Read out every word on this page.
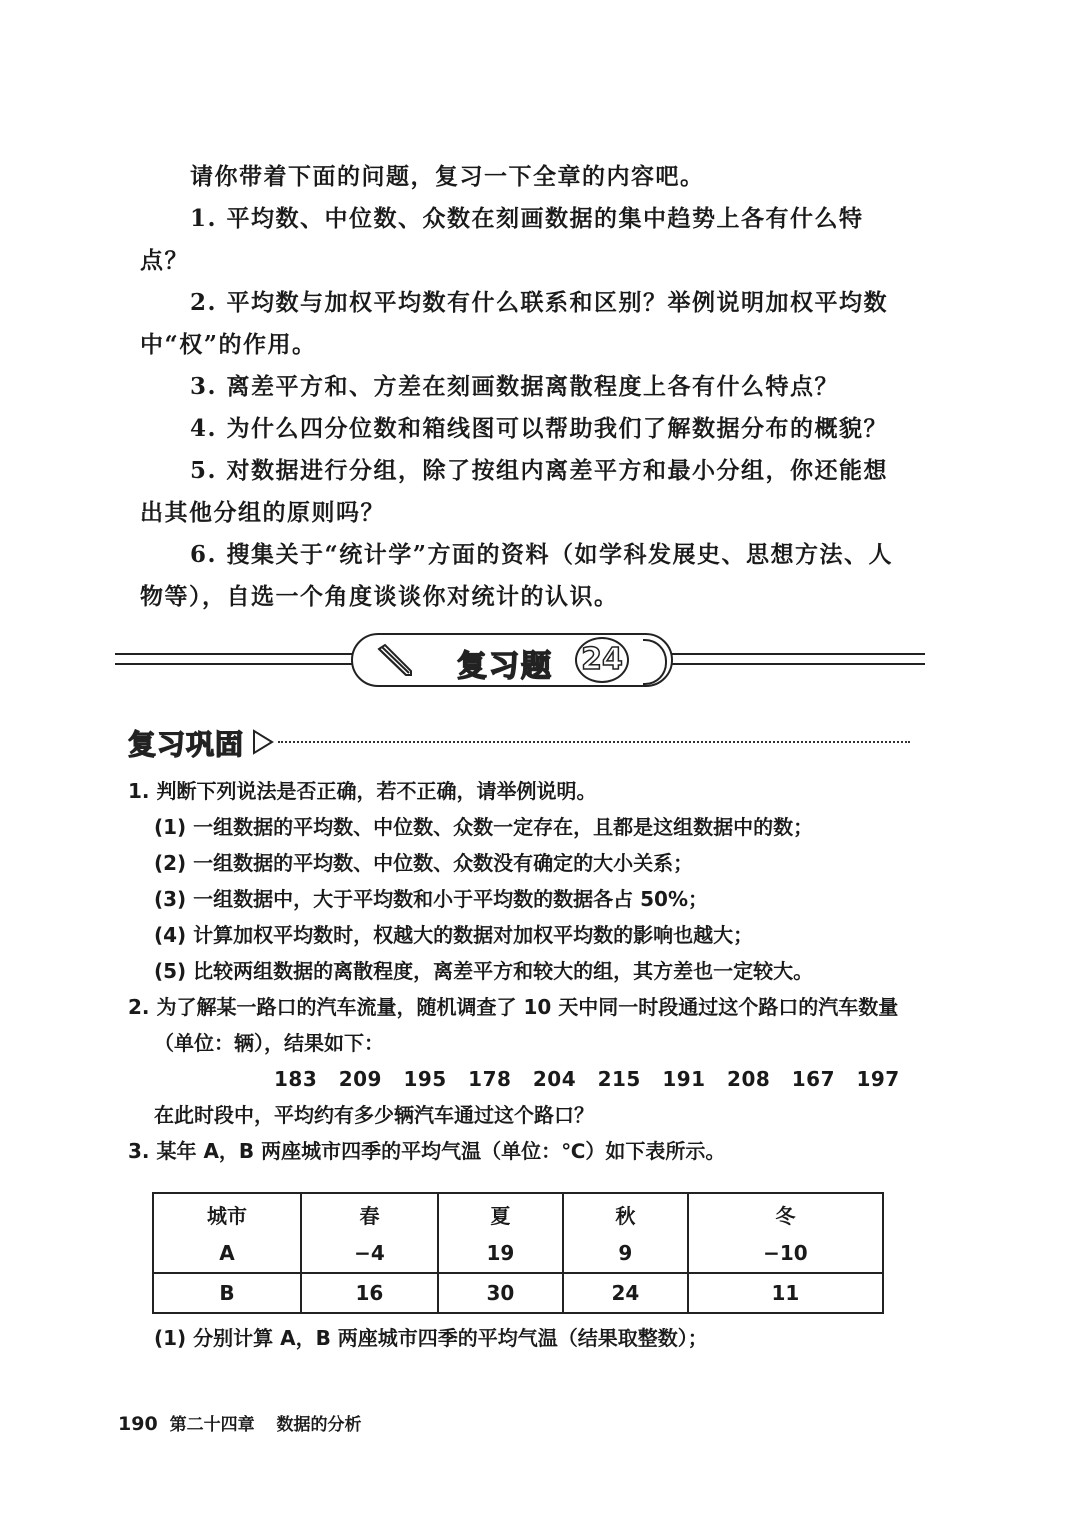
请你带着下面的问题，复习一下全章的内容吧。

1. 平均数、中位数、众数在刻画数据的集中趋势上各有什么特点？

2. 平均数与加权平均数有什么联系和区别？举例说明加权平均数中“权”的作用。

3. 离差平方和、方差在刻画数据离散程度上各有什么特点？

4. 为什么四分位数和箱线图可以帮助我们了解数据分布的概貌？

5. 对数据进行分组，除了按组内离差平方和最小分组，你还能想出其他分组的原则吗？

6. 搜集关于“统计学”方面的资料（如学科发展史、思想方法、人物等），自选一个角度谈谈你对统计的认识。

复习题 24
复习巩固

1. 判断下列说法是否正确，若不正确，请举例说明。

(1) 一组数据的平均数、中位数、众数一定存在，且都是这组数据中的数；

(2) 一组数据的平均数、中位数、众数没有确定的大小关系；

(3) 一组数据中，大于平均数和小于平均数的数据各占 50%；

(4) 计算加权平均数时，权越大的数据对加权平均数的影响也越大；

(5) 比较两组数据的离散程度，离差平方和较大的组，其方差也一定较大。

2. 为了解某一路口的汽车流量，随机调查了 10 天中同一时段通过这个路口的汽车数量（单位：辆），结果如下：

183 209 195 178 204 215 191 208 167 197

在此时段中，平均约有多少辆汽车通过这个路口？

3. 某年 A，B 两座城市四季的平均气温（单位：℃）如下表所示。

城市	春	夏	秋	冬
A	−4	19	9	−10
B	16	30	24	11

(1) 分别计算 A，B 两座城市四季的平均气温（结果取整数）；

190 第二十四章 数据的分析
